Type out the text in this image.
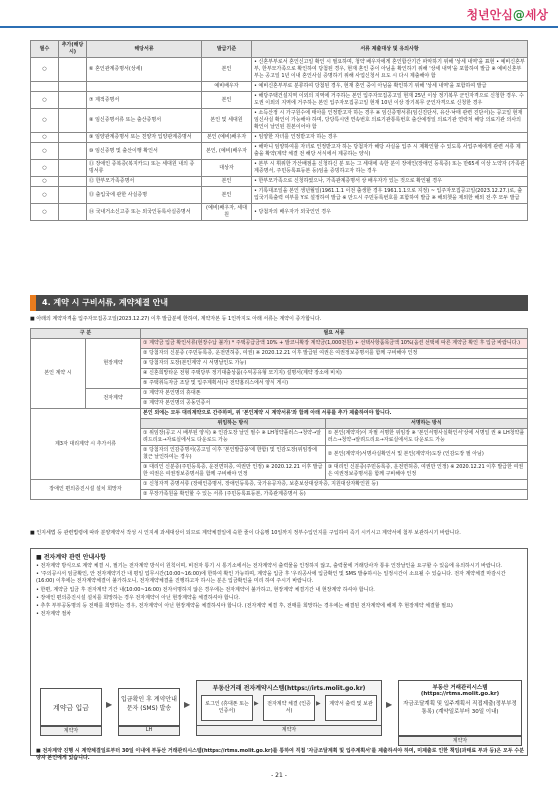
청년안심@세상
필수	추가(해당시)	해당서류	발급기준	서류 제출대상 및 유의사항
○		⑥ 혼인관계증명서(상세)	본인	• 신혼부부로서 혼인신고일 확인 시 필요하며, 청약 배우자에게 혼인합산기간 파악하기 위해 '상세 내역'을 표현 • 예비신혼부부, 한부모가족으로 확인하여 당첨된 경우, 현재 혼인 중이 아님을 확인하기 위해 '상세 내역'을 포함하여 발급 ※ 예비신혼부부는 공고일 1년 이내 혼인사실 증명하기 위해 사업신청서 요도 시 다시 제출해야 함
			예비배우자	• 예비신혼부부로 분류하여 당첨된 경우, 현재 혼인 중이 아님을 확인하기 위해 '상세 내역'을 포함하여 발급
○		⑦ 제적증명서	본인	• 해당주택건설지역 이외의 지역에 거주하는 본인 입주자모집공고일 현재 25년 이상 정기복무 군인자격으로 신청한 경우. 수도권 이외의 지역에 거주하는 본인 입주자모집공고일 현재 10년 이상 장기복무 군인자격으로 신청한 경우
○		⑧ 임신증명서류 또는 출산증명서	본인 및 세대원	• 소득산정 시 가구원수에 태아를 인정받고자 하는 경우 ※ 임신증명서류(임신진단서, 유산·낙태 관련 진단서)는 공고일 현재 임신사실 확인이 가능해야 하며, 당당특시엔 연속번호 의료기관통록번호 출산예정일 의료기관 연락처 해당 의료기관 의사의 확인이 날인된 원본이어야 함
○		⑨ 임양관계증명서 또는 친양자 입양관계증명서	본인 (예비)배우자	• 임양한 자녀를 인정받고자 하는 경우
○		⑩ 임신증명 및 출산이행 확인서	본인, (예비)배우자	• 해마니 임양하여를 자녀로 인정받고자 하는 당첨자가 해당 사실을 입주 시 제확인할 수 있도록 사업주체에게 관련 서류 제출을 확약(계약 체결 전 해당 서식에서 제공하는 양식)
○		⑪ 장애인 증복증(복지카드) 또는 세대원 내의 증빙서류	대상자	• 본부 시 휘위한 가산배점을 신청하신 분 또는 그 세대에 속한 분이 장애인(장애인 등록증) 또는 만65세 이상 노약자 (가족관계증명서, 주민등록표등본 등)임을 증빙하고자 하는 경우
○		⑫ 한부모가족증명서	본인	• 한부모가족으로 신청하였으나, 가족관계증명서 상 배우자가 있는 것으로 확인될 경우
○		⑬ 출입국에 관한 사실증명	본인	• 기록대조일을 본인 생년월일(1961.1.1 이전 출생한 경우 1961.1.1으로 지정) ~ 입주자모집공고일(2023.12.27.)로, 출입국기록출력 여부를 Y로 설정하여 발급 ※ 만드시 주민등록번호를 포함하여 발급 ※ 해외쳇을 제외한 해외 전·후 모두 발급
○		⑭ 국내거소신고증 또는 외국인등록사실증명서	(예비)배우자, 세대원	• 당첨자의 배우자가 외국인인 경우
4. 계약 시 구비서류, 계약체결 안내
■ 아래의 계약자격을 입주자모집공고일(2023.12.27) 이후 발급분에 한하여, 계약자본 등 1인까지도 아래 서류는 계약이 증가합니다.
구 분		필요 서류	
본인 계약 시	현장계약	① 계약금 입금 확인서류(현장수납 불가) * 주택공급금액 10% + 발코니확장 계약금(1,000천원) + 선택사항품목금액 10%(옵션 선택에 따른 계약금 확인 후 입금 바랍니다.)	
		② 당첨자의 신분증 (주민등록증, 운전면허증, 여권) ※ 2020.12.21 이후 발급된 여권은 여권정보증명서를 함께 구비해야 인정	
		③ 당첨자의 도장(본인계약 시 서명날인도 가능)	
		④ 신혼희망타운 전형 주택당부 정기대출상품(수익공유형 모기지) 설명서(계약 장소에 비치)	
		⑤ 주택취득자금 조달 및 입주계획서(나 전약홈리스에서 양식 게시)	
	전자계약	① 계약자 본인명의 휴대폰	
		② 계약자 본인명의 공동인증서	
제3자 대리계약 시 추가서류		본인 외에는 모두 대리계약으로 간주하며, 위 '본인계약 시 계약서류'와 함께 아래 서류를 추가 제출하여야 합니다.	
		위임하는 방식	서명하는 방식
		① 위임장(공고 시 배부된 양식) ※ 인감도장 날인 필수 ※ LH청약플러스→청약→알려드리요→자료실에서도 다운로드 가능	① 본인(계약자)이 자필 서명한 위임장 ※ '본인서명사실확인서'상에 서명일 권 ※ LH청약플러스→청약→알려드리요→자료실에서도 다운로드 가능
		② 당첨자의 인감증명서(공고일 이후 '본인발급용'에 한함) 및 인감도장(위임장에 쳤근 날인하여는 경우)	② 본인(계약자)서명사실확인서 및 본인(계약자)도장 (인감도장 필 아님)
		③ 대리인 신분증(주민등록증, 운전면허증, 여권만 인정) ※ 2020.12.21 이후 발급한 여권은 여권정보증명서를 함께 구비해야 인정	③ 대리인 신분증(주민등록증, 운전면허증, 여권만 인정) ※ 2020.12.21 이후 발급한 여권은 여권정보증명서를 함께 구비해야 인정
장애인 편의증진시설 설치 희망자		① 신청자격 증명서류 (장애인증명서, 장애인등록증, 국가유공자증, 보훈보상대상자증, 지원대상자확인원 등)	
		② 무장가족원을 확인할 수 있는 서류 (주민등록표등본, 가족관계증명서 등)	
■ 인지세법 등 관련법령에 따라 분양계약서 작성 시 인지세 과세대상이 되므로 계약체결일에 숙한 줄이 다음행 10일까지 정부수입인지를 구입하여 즉기 시키시고 계약서에 첨부 보관하시기 바랍니다.
■ 전자계약 관련 안내사항

• 전자계약 방식으로 계약 체결 시, 필기는 전자계약 방식이 원칙이며, 비전자 통기 시 통기소에서는 전자계약서 출력물을 인정하지 않고, 출력물에 거래당사자 통유 인장날인을 요구할 수 있음에 유의하시기 바랍니다.

• '주의공시서 임금확인, 안 전자계약기간 내 평일 업무시간(10:00~16:00)에 한하여 확인 가능하며, 계약을 입금 후 '우리공사에 입금확인 및 SMS 발송하시는 일정시간이 소요될 수 있습니다. 전자 계약체결 마감시간(16:00) 이후에는 전자계약체결이 불가하오니, 전자계약체결을 진행하고자 하시는 분은 입금확인을 미리 하여 주시기 바랍니다.

• 한편, 계약금 입금 후 전자계약 기간 내(10:00~16:00) 전자서명하지 않은 경우에는 전자계약이 불가하고, 현장계약 체결기간 내 현장계약 하셔야 합니다.

• 장애인 편의증진시설 설치를 희망하는 경우 전자계약이 아닌 현장계약을 체결하셔야 합니다.

• 추후 부부공동명의 등 전매를 희망하는 경우, 전자계약이 아닌 현장계약을 체결하셔야 합니다. (전자계약 체결 후, 전매를 희망하는 경우에는 해결된 전자계약에 해제 후 현장계약 체결할 필요)

• 전자계약 절차

계약금 입금
계약자
▶
입금확인 후 계약안내문자 (SMS) 발송
LH
▶
부동산거래 전자계약시스템(https://irts.molit.go.kr)
로그인 (휴대폰 또는 인증서)
▶	전자계약 체결 (인증서)
▶	계약서 출력 및 보관
계약자
▶
부동산 거래관리시스템 (https://rtms.molit.go.kr)
자금조달계획 및 입주계획서 직접제출(정부부정 통록) (계약일로부터 30일 이내)
계약자
■ 전자계약 진행 시 계약체결일로부터 30일 이내에 부동산 거래관리시스템(https://rtms.molit.go.kr)를 통하여 직접 '자금조달계획 및 입주계획서'를 제출하셔야 하며, 미제출로 인한 책임(과태료 부과 등)은 모두 수분양자 본인에게 있습니다.
- 21 -
